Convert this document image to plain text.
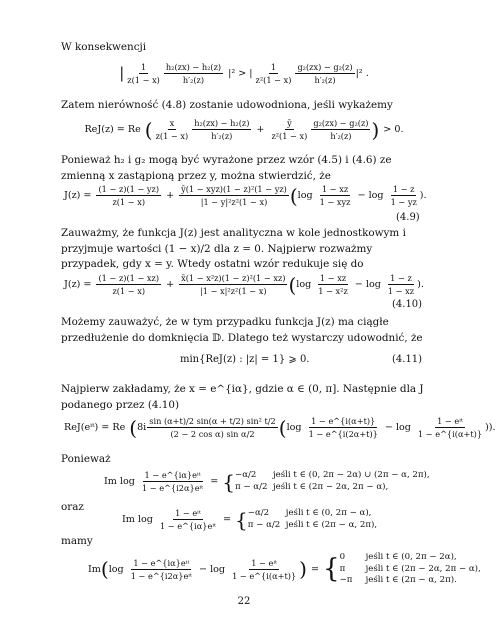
W konsekwencji
| $\frac{1}{z(1 - x)} \frac{\text{h₂(zx) − h₂(z)}}{\text{h′₂(z)}} |^2$ > | $\frac{1}{\text{z²(1 − x)}} \frac{\text{g₂(zx) − g₂(z)}}{\text{h′₂(z)}} |^2$ .
Zatem nierówność (4.8) zostanie udowodniona, jeśli wykażemy
ReJ(z) = Re ( $\frac{x}{z(1 - x)} \frac{\text{h₂(zx) − h₂(z)}}{\text{h′₂(z)}} + \frac{ȳ}{\text{z²(1 − x)}} \frac{\text{g₂(zx) − g₂(z)}}{\text{h′₂(z)}}$ ) > 0.
Ponieważ h₂ i g₂ mogą być wyrażone przez wzór (4.5) i (4.6) ze zmienną x zastąpioną przez y, można stwierdzić, że
$J(z) = \frac{(1 - z)(1 - yz)}{z(1 - x)} + \frac{\text{ȳ(1 − xyz)(1 − z)²(1 − yz)}}{\text{|1 − y|²z²(1 − x)}}$ ( $\log \frac{1 - xz}{\text{1 − xyz}} - \log \frac{1 - z}{1 - yz}$ ).
(4.9)
Zauważmy, że funkcja J(z) jest analityczna w kole jednostkowym i przyjmuje wartości (1 − x)/2 dla z = 0. Najpierw rozważmy przypadek, gdy x = y. Wtedy ostatni wzór redukuje się do
$J(z) = \frac{(1 - z)(1 - xz)}{z(1 - x)} + \frac{\text{x̄(1 − x²z)(1 − z)²(1 − xz)}}{\text{|1 − x|²z²(1 − x)}}$ ( $\log \frac{1 - xz}{\text{1 − x²z}} - \log \frac{1 - z}{1 - xz}$ ).
(4.10)
Możemy zauważyć, że w tym przypadku funkcja J(z) ma ciągłe przedłużenie do domknięcia 𝔻. Dlatego też wystarczy udowodnić, że
min{ReJ(z) : |z| = 1} ⩾ 0.	(4.11)
Najpierw zakładamy, że x = e^{iα}, gdzie α ∈ (0, π]. Następnie dla J podanego przez (4.10)
ReJ(eⁱᵗ) = Re ( $8i \frac{\text{sin (α+t)/2 sin(α + t/2) sin² t/2}}{\text{(2 − 2 cos α) sin α/2}}$ ( $\log \frac{1 - e\^{}\{i(\alpha+t)\}}{1 - e\^{}\{i(2\alpha+t)\}} - \log \frac{\text{1 − eⁱᵗ}}{1 - e\^{}\{i(\alpha+t)\}}$ )).
Ponieważ
Im $\log \frac{\text{1 − e\textasciicircum{}\{iα\}eⁱᵗ}}{\text{1 − e\textasciicircum{}\{i2α\}eⁱᵗ}}$ = { −α/2	jeśli t ∈ (0, 2π − 2α) ∪ (2π − α, 2π),
π − α/2 jeśli t ∈ (2π − 2α, 2π − α),
oraz
Im $\log \frac{\text{1 − eⁱᵗ}}{\text{1 − e\textasciicircum{}\{iα\}eⁱᵗ}}$ = { −α/2	jeśli t ∈ (0, 2π − α),
π − α/2 jeśli t ∈ (2π − α, 2π),
mamy
Im ( $\log \frac{\text{1 − e\textasciicircum{}\{iα\}eⁱᵗ}}{\text{1 − e\textasciicircum{}\{i2α\}eⁱᵗ}} - \log \frac{\text{1 − eⁱᵗ}}{1 - e\^{}\{i(\alpha+t)\}}$ ) = { 0	jeśli t ∈ (0, 2π − 2α),
π	jeśli t ∈ (2π − 2α, 2π − α),
−π	jeśli t ∈ (2π − α, 2π).
22
